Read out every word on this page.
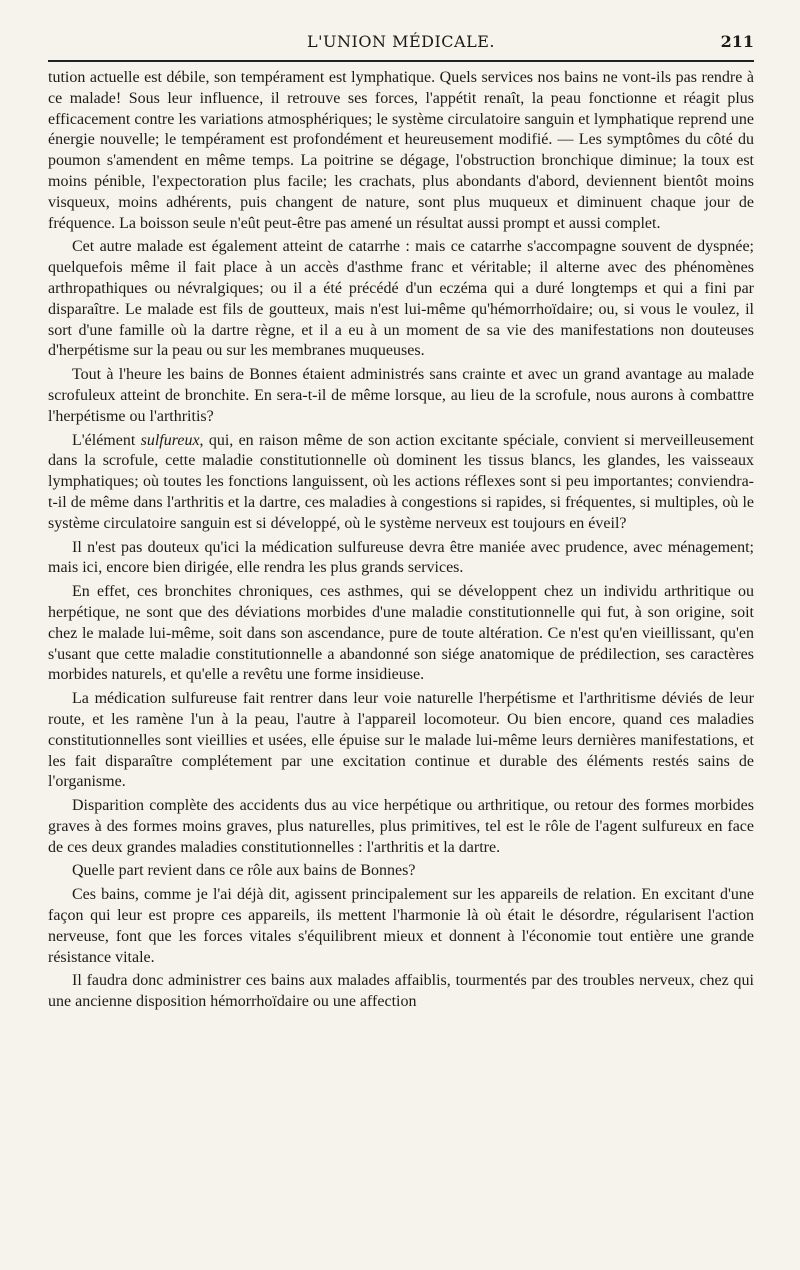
L'UNION MÉDICALE.	211

tution actuelle est débile, son tempérament est lymphatique. Quels services nos bains ne vont-ils pas rendre à ce malade! Sous leur influence, il retrouve ses forces, l'appétit renaît, la peau fonctionne et réagit plus efficacement contre les variations atmosphériques; le système circulatoire sanguin et lymphatique reprend une énergie nouvelle; le tempérament est profondément et heureusement modifié. — Les symptômes du côté du poumon s'amendent en même temps. La poitrine se dégage, l'obstruction bronchique diminue; la toux est moins pénible, l'expectoration plus facile; les crachats, plus abondants d'abord, deviennent bientôt moins visqueux, moins adhérents, puis changent de nature, sont plus muqueux et diminuent chaque jour de fréquence. La boisson seule n'eût peut-être pas amené un résultat aussi prompt et aussi complet.

Cet autre malade est également atteint de catarrhe : mais ce catarrhe s'accompagne souvent de dyspnée; quelquefois même il fait place à un accès d'asthme franc et véritable; il alterne avec des phénomènes arthropathiques ou névralgiques; ou il a été précédé d'un eczéma qui a duré longtemps et qui a fini par disparaître. Le malade est fils de goutteux, mais n'est lui-même qu'hémorrhoïdaire; ou, si vous le voulez, il sort d'une famille où la dartre règne, et il a eu à un moment de sa vie des manifestations non douteuses d'herpétisme sur la peau ou sur les membranes muqueuses.

Tout à l'heure les bains de Bonnes étaient administrés sans crainte et avec un grand avantage au malade scrofuleux atteint de bronchite. En sera-t-il de même lorsque, au lieu de la scrofule, nous aurons à combattre l'herpétisme ou l'arthritis?

L'élément sulfureux, qui, en raison même de son action excitante spéciale, convient si merveilleusement dans la scrofule, cette maladie constitutionnelle où dominent les tissus blancs, les glandes, les vaisseaux lymphatiques; où toutes les fonctions languissent, où les actions réflexes sont si peu importantes; conviendra-t-il de même dans l'arthritis et la dartre, ces maladies à congestions si rapides, si fréquentes, si multiples, où le système circulatoire sanguin est si développé, où le système nerveux est toujours en éveil?

Il n'est pas douteux qu'ici la médication sulfureuse devra être maniée avec prudence, avec ménagement; mais ici, encore bien dirigée, elle rendra les plus grands services.

En effet, ces bronchites chroniques, ces asthmes, qui se développent chez un individu arthritique ou herpétique, ne sont que des déviations morbides d'une maladie constitutionnelle qui fut, à son origine, soit chez le malade lui-même, soit dans son ascendance, pure de toute altération. Ce n'est qu'en vieillissant, qu'en s'usant que cette maladie constitutionnelle a abandonné son siége anatomique de prédilection, ses caractères morbides naturels, et qu'elle a revêtu une forme insidieuse.

La médication sulfureuse fait rentrer dans leur voie naturelle l'herpétisme et l'arthritisme déviés de leur route, et les ramène l'un à la peau, l'autre à l'appareil locomoteur. Ou bien encore, quand ces maladies constitutionnelles sont vieillies et usées, elle épuise sur le malade lui-même leurs dernières manifestations, et les fait disparaître complétement par une excitation continue et durable des éléments restés sains de l'organisme.

Disparition complète des accidents dus au vice herpétique ou arthritique, ou retour des formes morbides graves à des formes moins graves, plus naturelles, plus primitives, tel est le rôle de l'agent sulfureux en face de ces deux grandes maladies constitutionnelles : l'arthritis et la dartre.

Quelle part revient dans ce rôle aux bains de Bonnes?

Ces bains, comme je l'ai déjà dit, agissent principalement sur les appareils de relation. En excitant d'une façon qui leur est propre ces appareils, ils mettent l'harmonie là où était le désordre, régularisent l'action nerveuse, font que les forces vitales s'équilibrent mieux et donnent à l'économie tout entière une grande résistance vitale.

Il faudra donc administrer ces bains aux malades affaiblis, tourmentés par des troubles nerveux, chez qui une ancienne disposition hémorrhoïdaire ou une affection
